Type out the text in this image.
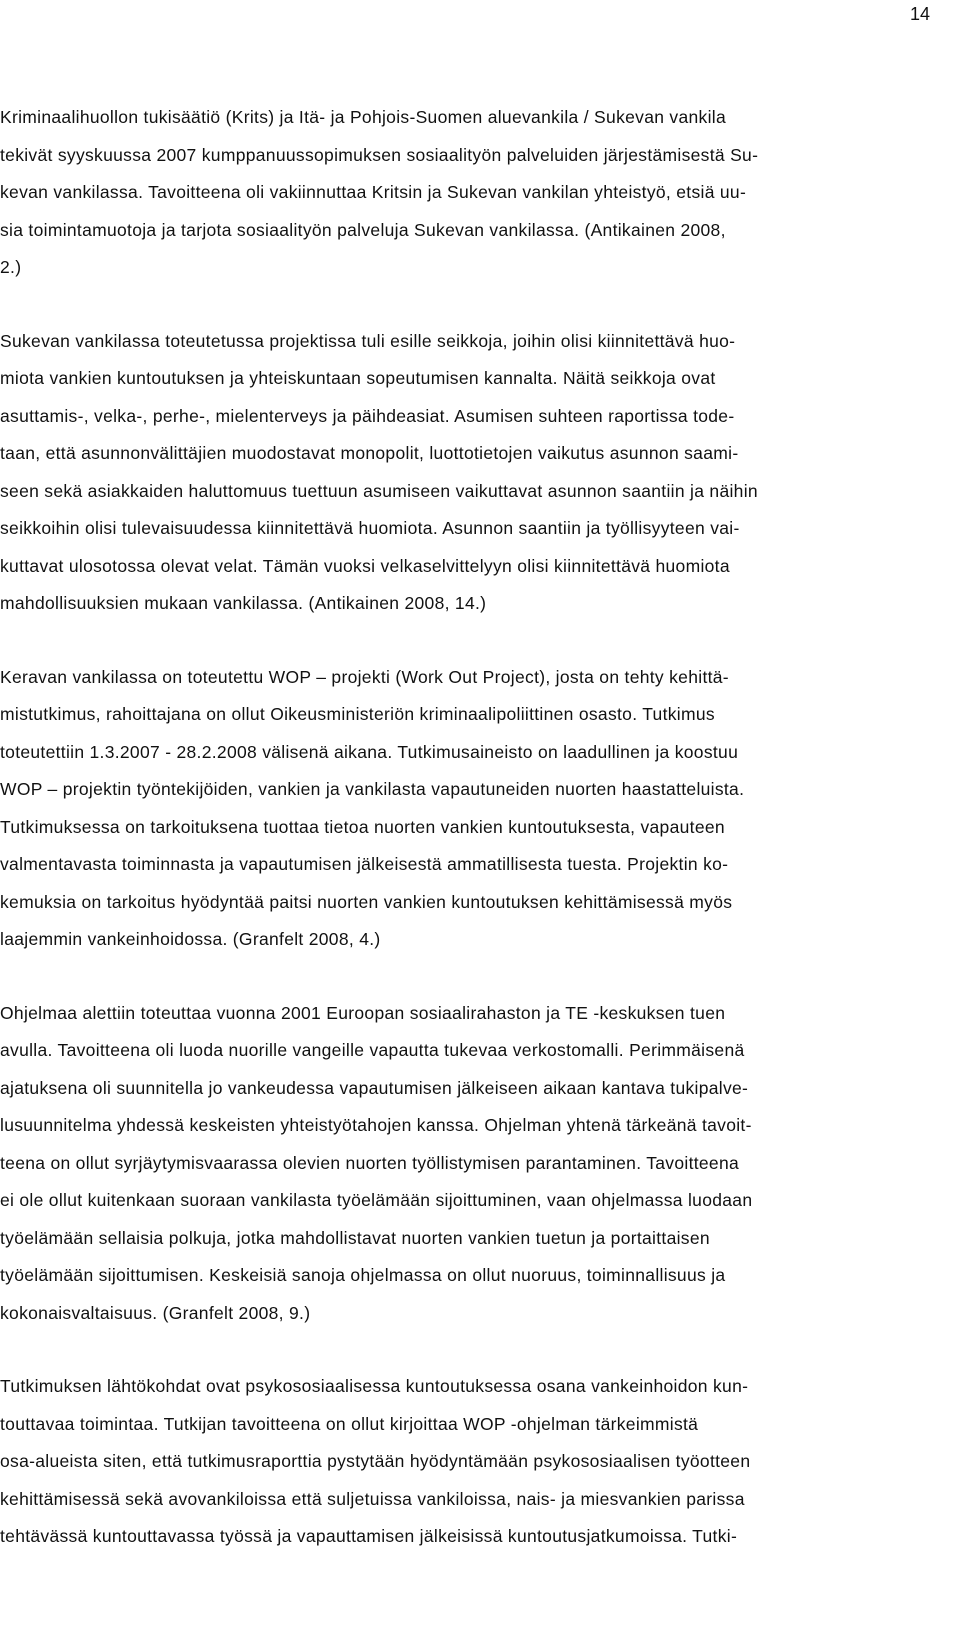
14
Kriminaalihuollon tukisäätiö (Krits) ja Itä- ja Pohjois-Suomen aluevankila / Sukevan vankila
tekivät syyskuussa 2007 kumppanuussopimuksen sosiaalityön palveluiden järjestämisestä Su-
kevan vankilassa. Tavoitteena oli vakiinnuttaa Kritsin ja Sukevan vankilan yhteistyö, etsiä uu-
sia toimintamuotoja ja tarjota sosiaalityön palveluja Sukevan vankilassa. (Antikainen 2008,
2.)
Sukevan vankilassa toteutetussa projektissa tuli esille seikkoja, joihin olisi kiinnitettävä huo-
miota vankien kuntoutuksen ja yhteiskuntaan sopeutumisen kannalta. Näitä seikkoja ovat
asuttamis-, velka-, perhe-, mielenterveys ja päihdeasiat. Asumisen suhteen raportissa tode-
taan, että asunnonvälittäjien muodostavat monopolit, luottotietojen vaikutus asunnon saami-
seen sekä asiakkaiden haluttomuus tuettuun asumiseen vaikuttavat asunnon saantiin ja näihin
seikkoihin olisi tulevaisuudessa kiinnitettävä huomiota. Asunnon saantiin ja työllisyyteen vai-
kuttavat ulosotossa olevat velat. Tämän vuoksi velkaselvittelyyn olisi kiinnitettävä huomiota
mahdollisuuksien mukaan vankilassa. (Antikainen 2008, 14.)
Keravan vankilassa on toteutettu WOP – projekti (Work Out Project), josta on tehty kehittä-
mistutkimus, rahoittajana on ollut Oikeusministeriön kriminaalipoliittinen osasto. Tutkimus
toteutettiin 1.3.2007 - 28.2.2008 välisenä aikana. Tutkimusaineisto on laadullinen ja koostuu
WOP – projektin työntekijöiden, vankien ja vankilasta vapautuneiden nuorten haastatteluista.
Tutkimuksessa on tarkoituksena tuottaa tietoa nuorten vankien kuntoutuksesta, vapauteen
valmentavasta toiminnasta ja vapautumisen jälkeisestä ammatillisesta tuesta. Projektin ko-
kemuksia on tarkoitus hyödyntää paitsi nuorten vankien kuntoutuksen kehittämisessä myös
laajemmin vankeinhoidossa. (Granfelt 2008, 4.)
Ohjelmaa alettiin toteuttaa vuonna 2001 Euroopan sosiaalirahaston ja TE -keskuksen tuen
avulla. Tavoitteena oli luoda nuorille vangeille vapautta tukevaa verkostomalli. Perimmäisenä
ajatuksena oli suunnitella jo vankeudessa vapautumisen jälkeiseen aikaan kantava tukipalve-
lusuunnitelma yhdessä keskeisten yhteistyötahojen kanssa. Ohjelman yhtenä tärkeänä tavoit-
teena on ollut syrjäytymisvaarassa olevien nuorten työllistymisen parantaminen. Tavoitteena
ei ole ollut kuitenkaan suoraan vankilasta työelämään sijoittuminen, vaan ohjelmassa luodaan
työelämään sellaisia polkuja, jotka mahdollistavat nuorten vankien tuetun ja portaittaisen
työelämään sijoittumisen. Keskeisiä sanoja ohjelmassa on ollut nuoruus, toiminnallisuus ja
kokonaisvaltaisuus. (Granfelt 2008, 9.)
Tutkimuksen lähtökohdat ovat psykososiaalisessa kuntoutuksessa osana vankeinhoidon kun-
touttavaa toimintaa. Tutkijan tavoitteena on ollut kirjoittaa WOP -ohjelman tärkeimmistä
osa-alueista siten, että tutkimusraporttia pystytään hyödyntämään psykososiaalisen työotteen
kehittämisessä sekä avovankiloissa että suljetuissa vankiloissa, nais- ja miesvankien parissa
tehtävässä kuntouttavassa työssä ja vapauttamisen jälkeisissä kuntoutusjatkumoissa. Tutki-
